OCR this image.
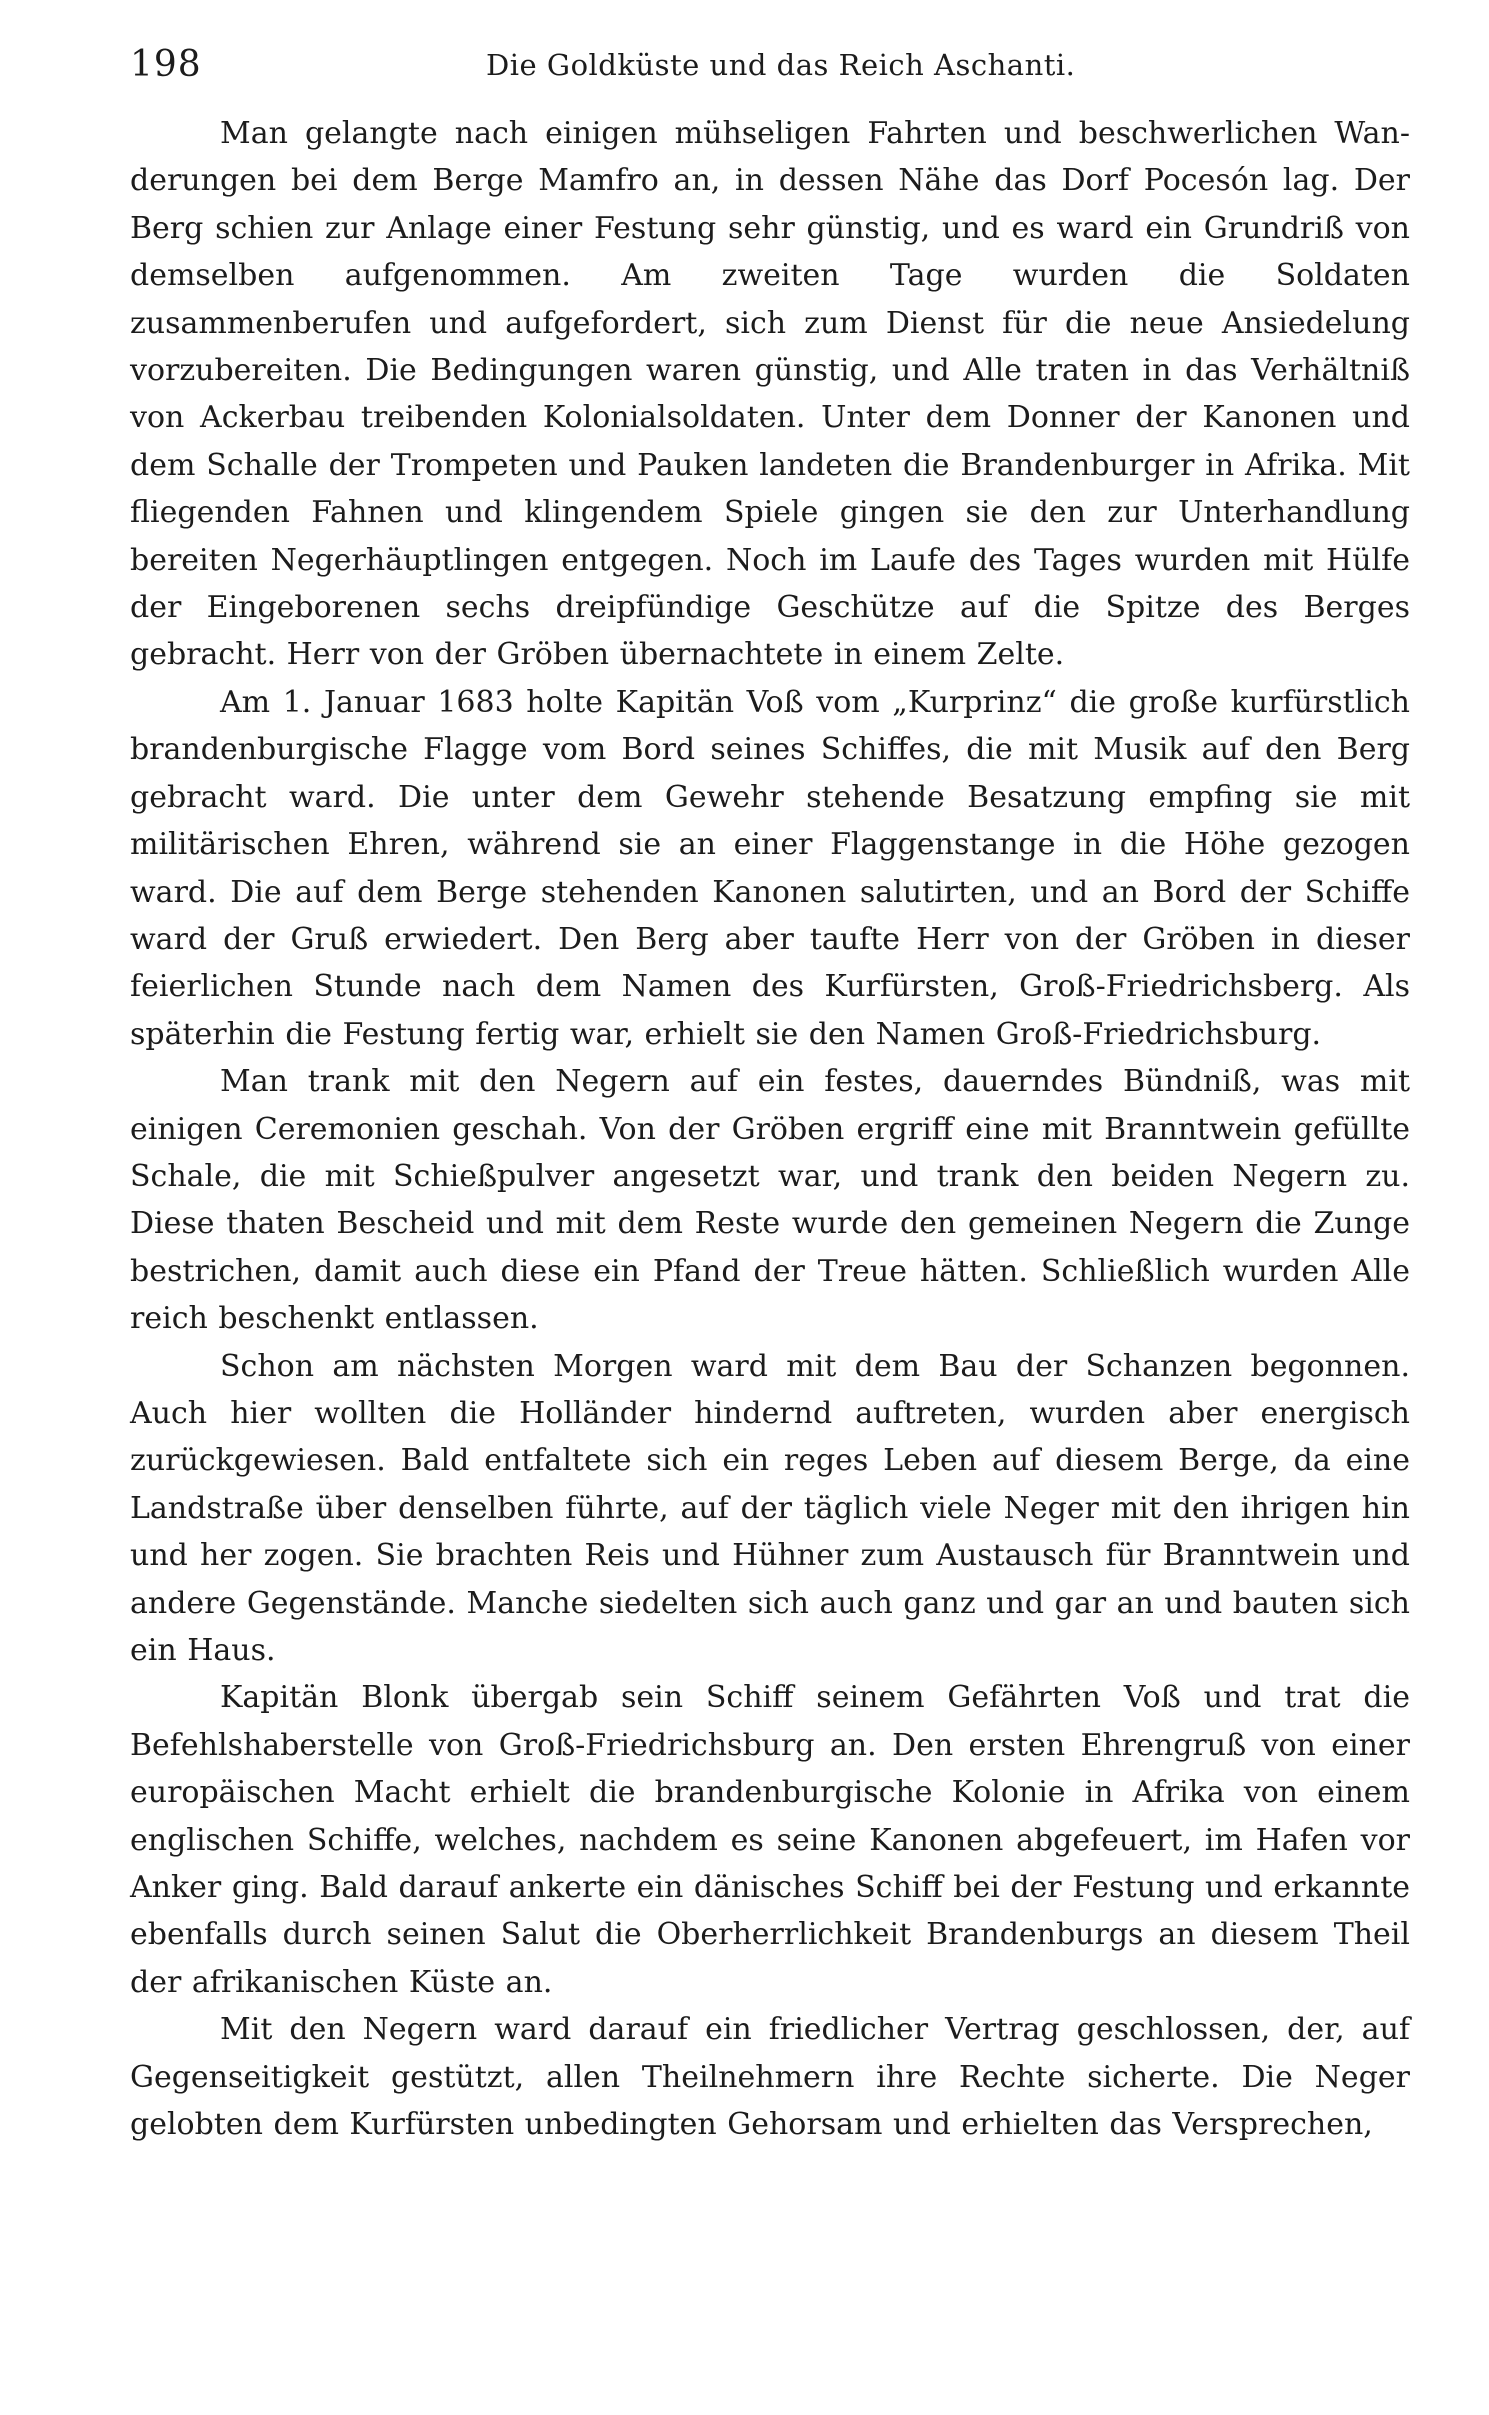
198	Die Goldküste und das Reich Aschanti.

Man gelangte nach einigen mühseligen Fahrten und beschwerlichen Wanderungen bei dem Berge Mamfro an, in dessen Nähe das Dorf Pocesón lag. Der Berg schien zur Anlage einer Festung sehr günstig, und es ward ein Grundriß von demselben aufgenommen. Am zweiten Tage wurden die Soldaten zusammenberufen und aufgefordert, sich zum Dienst für die neue Ansiedelung vorzubereiten. Die Bedingungen waren günstig, und Alle traten in das Verhältniß von Ackerbau treibenden Kolonialsoldaten. Unter dem Donner der Kanonen und dem Schalle der Trompeten und Pauken landeten die Brandenburger in Afrika. Mit fliegenden Fahnen und klingendem Spiele gingen sie den zur Unterhandlung bereiten Negerhäuptlingen entgegen. Noch im Laufe des Tages wurden mit Hülfe der Eingeborenen sechs dreipfündige Geschütze auf die Spitze des Berges gebracht. Herr von der Gröben übernachtete in einem Zelte.

Am 1. Januar 1683 holte Kapitän Voß vom „Kurprinz“ die große kurfürstlich brandenburgische Flagge vom Bord seines Schiffes, die mit Musik auf den Berg gebracht ward. Die unter dem Gewehr stehende Besatzung empfing sie mit militärischen Ehren, während sie an einer Flaggenstange in die Höhe gezogen ward. Die auf dem Berge stehenden Kanonen salutirten, und an Bord der Schiffe ward der Gruß erwiedert. Den Berg aber taufte Herr von der Gröben in dieser feierlichen Stunde nach dem Namen des Kurfürsten, Groß-Friedrichsberg. Als späterhin die Festung fertig war, erhielt sie den Namen Groß-Friedrichsburg.

Man trank mit den Negern auf ein festes, dauerndes Bündniß, was mit einigen Ceremonien geschah. Von der Gröben ergriff eine mit Branntwein gefüllte Schale, die mit Schießpulver angesetzt war, und trank den beiden Negern zu. Diese thaten Bescheid und mit dem Reste wurde den gemeinen Negern die Zunge bestrichen, damit auch diese ein Pfand der Treue hätten. Schließlich wurden Alle reich beschenkt entlassen.

Schon am nächsten Morgen ward mit dem Bau der Schanzen begonnen. Auch hier wollten die Holländer hindernd auftreten, wurden aber energisch zurückgewiesen. Bald entfaltete sich ein reges Leben auf diesem Berge, da eine Landstraße über denselben führte, auf der täglich viele Neger mit den ihrigen hin und her zogen. Sie brachten Reis und Hühner zum Austausch für Branntwein und andere Gegenstände. Manche siedelten sich auch ganz und gar an und bauten sich ein Haus.

Kapitän Blonk übergab sein Schiff seinem Gefährten Voß und trat die Befehlshaberstelle von Groß-Friedrichsburg an. Den ersten Ehrengruß von einer europäischen Macht erhielt die brandenburgische Kolonie in Afrika von einem englischen Schiffe, welches, nachdem es seine Kanonen abgefeuert, im Hafen vor Anker ging. Bald darauf ankerte ein dänisches Schiff bei der Festung und erkannte ebenfalls durch seinen Salut die Oberherrlichkeit Brandenburgs an diesem Theil der afrikanischen Küste an.

Mit den Negern ward darauf ein friedlicher Vertrag geschlossen, der, auf Gegenseitigkeit gestützt, allen Theilnehmern ihre Rechte sicherte. Die Neger gelobten dem Kurfürsten unbedingten Gehorsam und erhielten das Versprechen,
